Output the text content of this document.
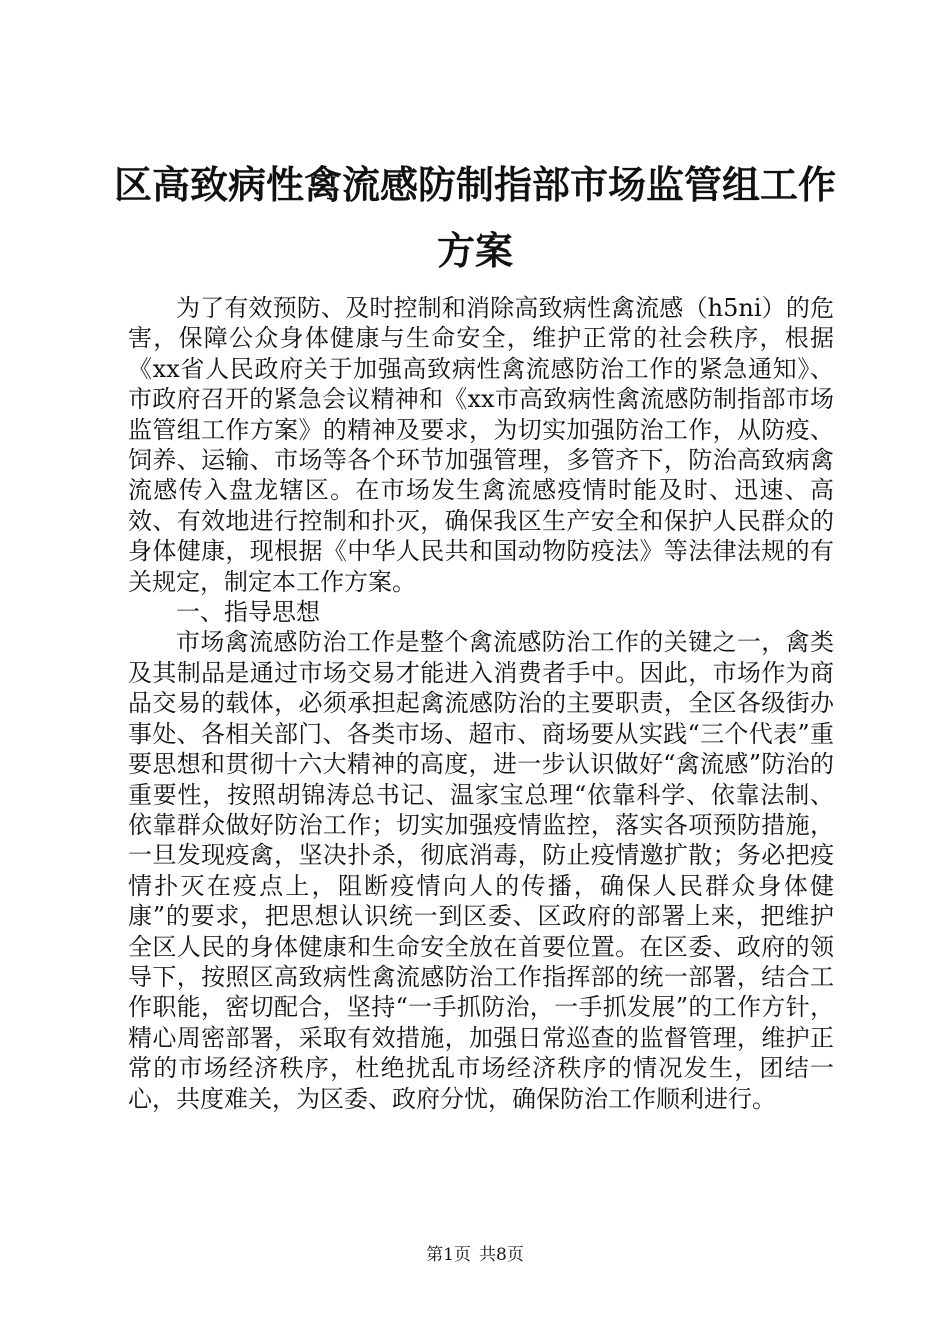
区高致病性禽流感防制指部市场监管组工作方案

为了有效预防、及时控制和消除高致病性禽流感（h5ni）的危害，保障公众身体健康与生命安全，维护正常的社会秩序，根据《xx省人民政府关于加强高致病性禽流感防治工作的紧急通知》、市政府召开的紧急会议精神和《xx市高致病性禽流感防制指部市场监管组工作方案》的精神及要求，为切实加强防治工作，从防疫、饲养、运输、市场等各个环节加强管理，多管齐下，防治高致病禽流感传入盘龙辖区。在市场发生禽流感疫情时能及时、迅速、高效、有效地进行控制和扑灭，确保我区生产安全和保护人民群众的身体健康，现根据《中华人民共和国动物防疫法》等法律法规的有关规定，制定本工作方案。

一、指导思想

市场禽流感防治工作是整个禽流感防治工作的关键之一，禽类及其制品是通过市场交易才能进入消费者手中。因此，市场作为商品交易的载体，必须承担起禽流感防治的主要职责，全区各级街办事处、各相关部门、各类市场、超市、商场要从实践“三个代表”重要思想和贯彻十六大精神的高度，进一步认识做好“禽流感”防治的重要性，按照胡锦涛总书记、温家宝总理“依靠科学、依靠法制、依靠群众做好防治工作；切实加强疫情监控，落实各项预防措施，一旦发现疫禽，坚决扑杀，彻底消毒，防止疫情邀扩散；务必把疫情扑灭在疫点上，阻断疫情向人的传播，确保人民群众身体健康”的要求，把思想认识统一到区委、区政府的部署上来，把维护全区人民的身体健康和生命安全放在首要位置。在区委、政府的领导下，按照区高致病性禽流感防治工作指挥部的统一部署，结合工作职能，密切配合，坚持“一手抓防治，一手抓发展”的工作方针，精心周密部署，采取有效措施，加强日常巡查的监督管理，维护正常的市场经济秩序，杜绝扰乱市场经济秩序的情况发生，团结一心，共度难关，为区委、政府分忧，确保防治工作顺利进行。

第1页 共8页
